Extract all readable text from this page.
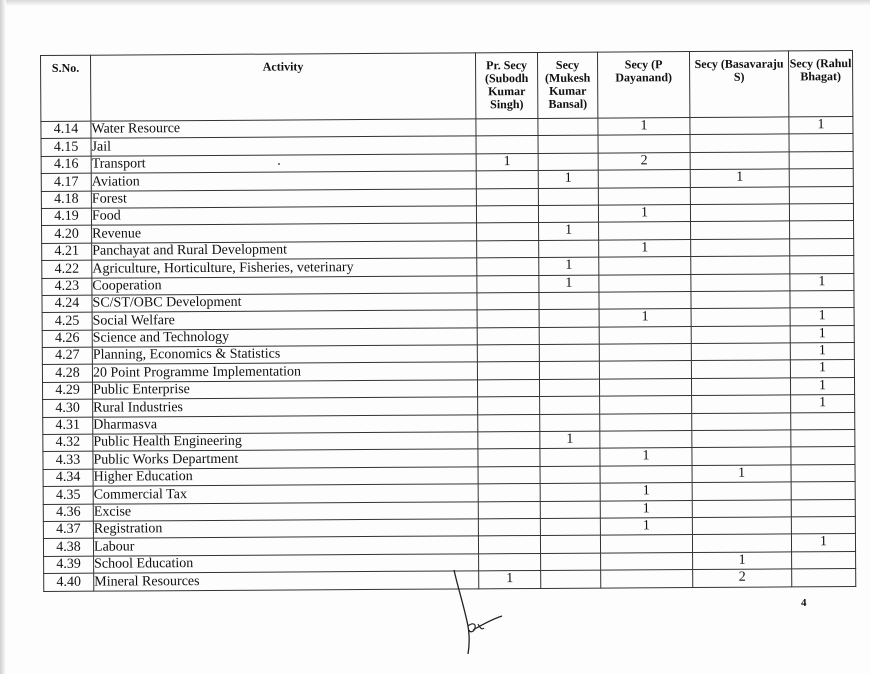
S.No.	Activity	Pr. Secy (Subodh Kumar Singh)	Secy (Mukesh Kumar Bansal)	Secy (P Dayanand)	Secy (Basavaraju S)	Secy (Rahul Bhagat)
4.14	Water Resource			1		1
4.15	Jail					
4.16	Transport	1		2		
4.17	Aviation		1		1	
4.18	Forest					
4.19	Food			1		
4.20	Revenue		1			
4.21	Panchayat and Rural Development			1		
4.22	Agriculture, Horticulture, Fisheries, veterinary		1			
4.23	Cooperation		1			1
4.24	SC/ST/OBC Development					
4.25	Social Welfare			1		1
4.26	Science and Technology					1
4.27	Planning, Economics & Statistics					1
4.28	20 Point Programme Implementation					1
4.29	Public Enterprise					1
4.30	Rural Industries					1
4.31	Dharmasva					
4.32	Public Health Engineering		1			
4.33	Public Works Department			1		
4.34	Higher Education				1	
4.35	Commercial Tax			1		
4.36	Excise			1		
4.37	Registration			1		
4.38	Labour					1
4.39	School Education				1	
4.40	Mineral Resources	1			2	
4
